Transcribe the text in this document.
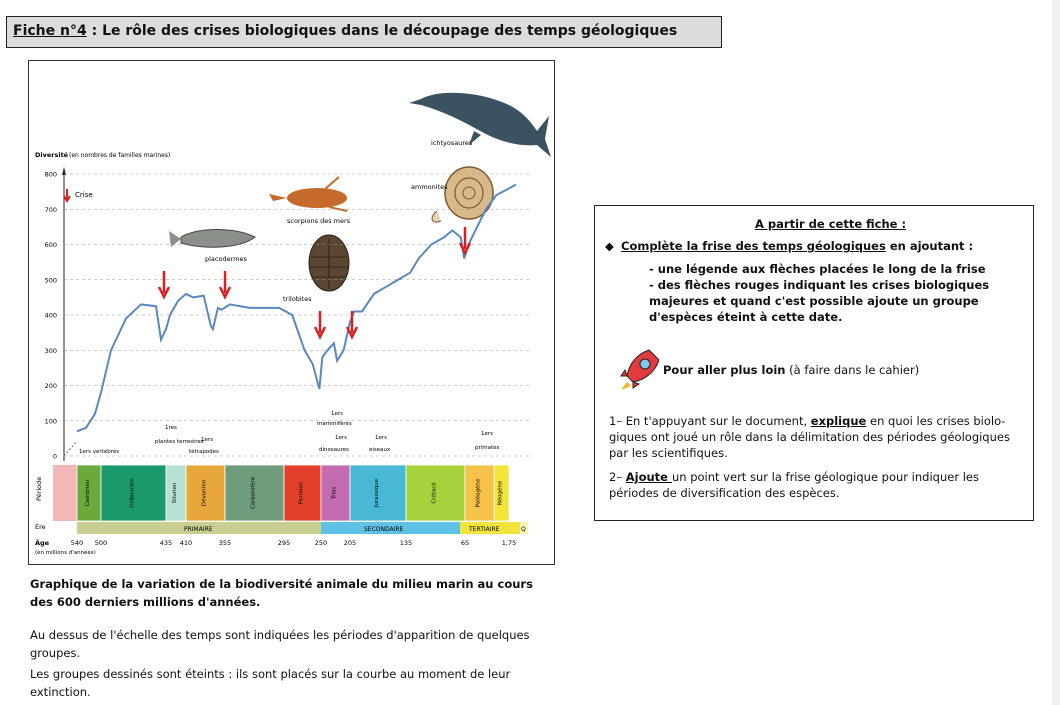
Fiche n°4 : Le rôle des crises biologiques dans le découpage des temps géologiques
Diversité (en nombres de familles marines)
800
700
600
500
400
300
200
100
0
Crise
ichtyosaures
ammonites
scorpions des mers
placodermes
trilobites
1ers vertébrés
1res
plantes terrestres
1ers
tétrapodes
1ers
mammifères
1ers
dinosaures
1ers
oiseaux
1ers
primates
Période	Cambrien	Ordovicien	Silurien	Dévonien	Carbonifère	Permien	Trias	Jurassique	Crétacé	Paléogène	Néogène
Ère	PRIMAIRE	SECONDAIRE	TERTIAIRE	Q
Âge
(en millions d'années)
540 500	435 410	355	295	250	205	135	65	1,75
Graphique de la variation de la biodiversité animale du milieu marin au cours des 600 derniers millions d'années.
Au dessus de l'échelle des temps sont indiquées les périodes d'apparition de quelques groupes.
Les groupes dessinés sont éteints : ils sont placés sur la courbe au moment de leur extinction.
A partir de cette fiche :
◆ Complète la frise des temps géologiques en ajoutant :
- une légende aux flèches placées le long de la frise
- des flèches rouges indiquant les crises biologiques majeures et quand c'est possible ajoute un groupe d'espèces éteint à cette date.
Pour aller plus loin (à faire dans le cahier)
1– En t'appuyant sur le document, explique en quoi les crises biologiques ont joué un rôle dans la délimitation des périodes géologiques par les scientifiques.
2– Ajoute un point vert sur la frise géologique pour indiquer les périodes de diversification des espèces.
